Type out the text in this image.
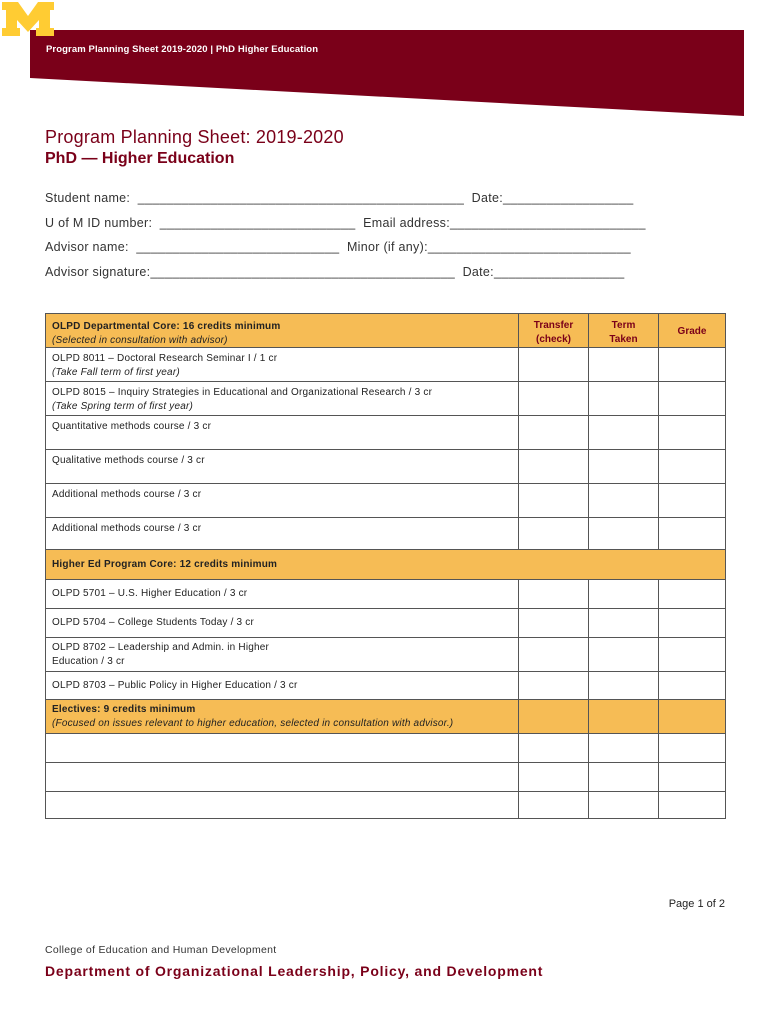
Program Planning Sheet 2019-2020 | PhD Higher Education
Program Planning Sheet: 2019-2020
PhD — Higher Education
Student name:  _____________________________________________  Date:__________________
U of M ID number:  ___________________________  Email address:___________________________
Advisor name:  ____________________________  Minor (if any):____________________________
Advisor signature:__________________________________________  Date:__________________
OLPD Departmental Core: 16 credits minimum
(Selected in consultation with advisor)
Transfer
(check)
Term
Taken
Grade
OLPD 8011 – Doctoral Research Seminar I / 1 cr
(Take Fall term of first year)
OLPD 8015 – Inquiry Strategies in Educational and Organizational Research / 3 cr
(Take Spring term of first year)
Quantitative methods course / 3 cr
Qualitative methods course / 3 cr
Additional methods course / 3 cr
Additional methods course / 3 cr
Higher Ed Program Core: 12 credits minimum
OLPD 5701 – U.S. Higher Education / 3 cr
OLPD 5704 – College Students Today / 3 cr
OLPD 8702 – Leadership and Admin. in Higher
Education / 3 cr
OLPD 8703 – Public Policy in Higher Education / 3 cr
Electives: 9 credits minimum
(Focused on issues relevant to higher education, selected in consultation with advisor.)
Page 1 of 2
College of Education and Human Development
Department of Organizational Leadership, Policy, and Development
